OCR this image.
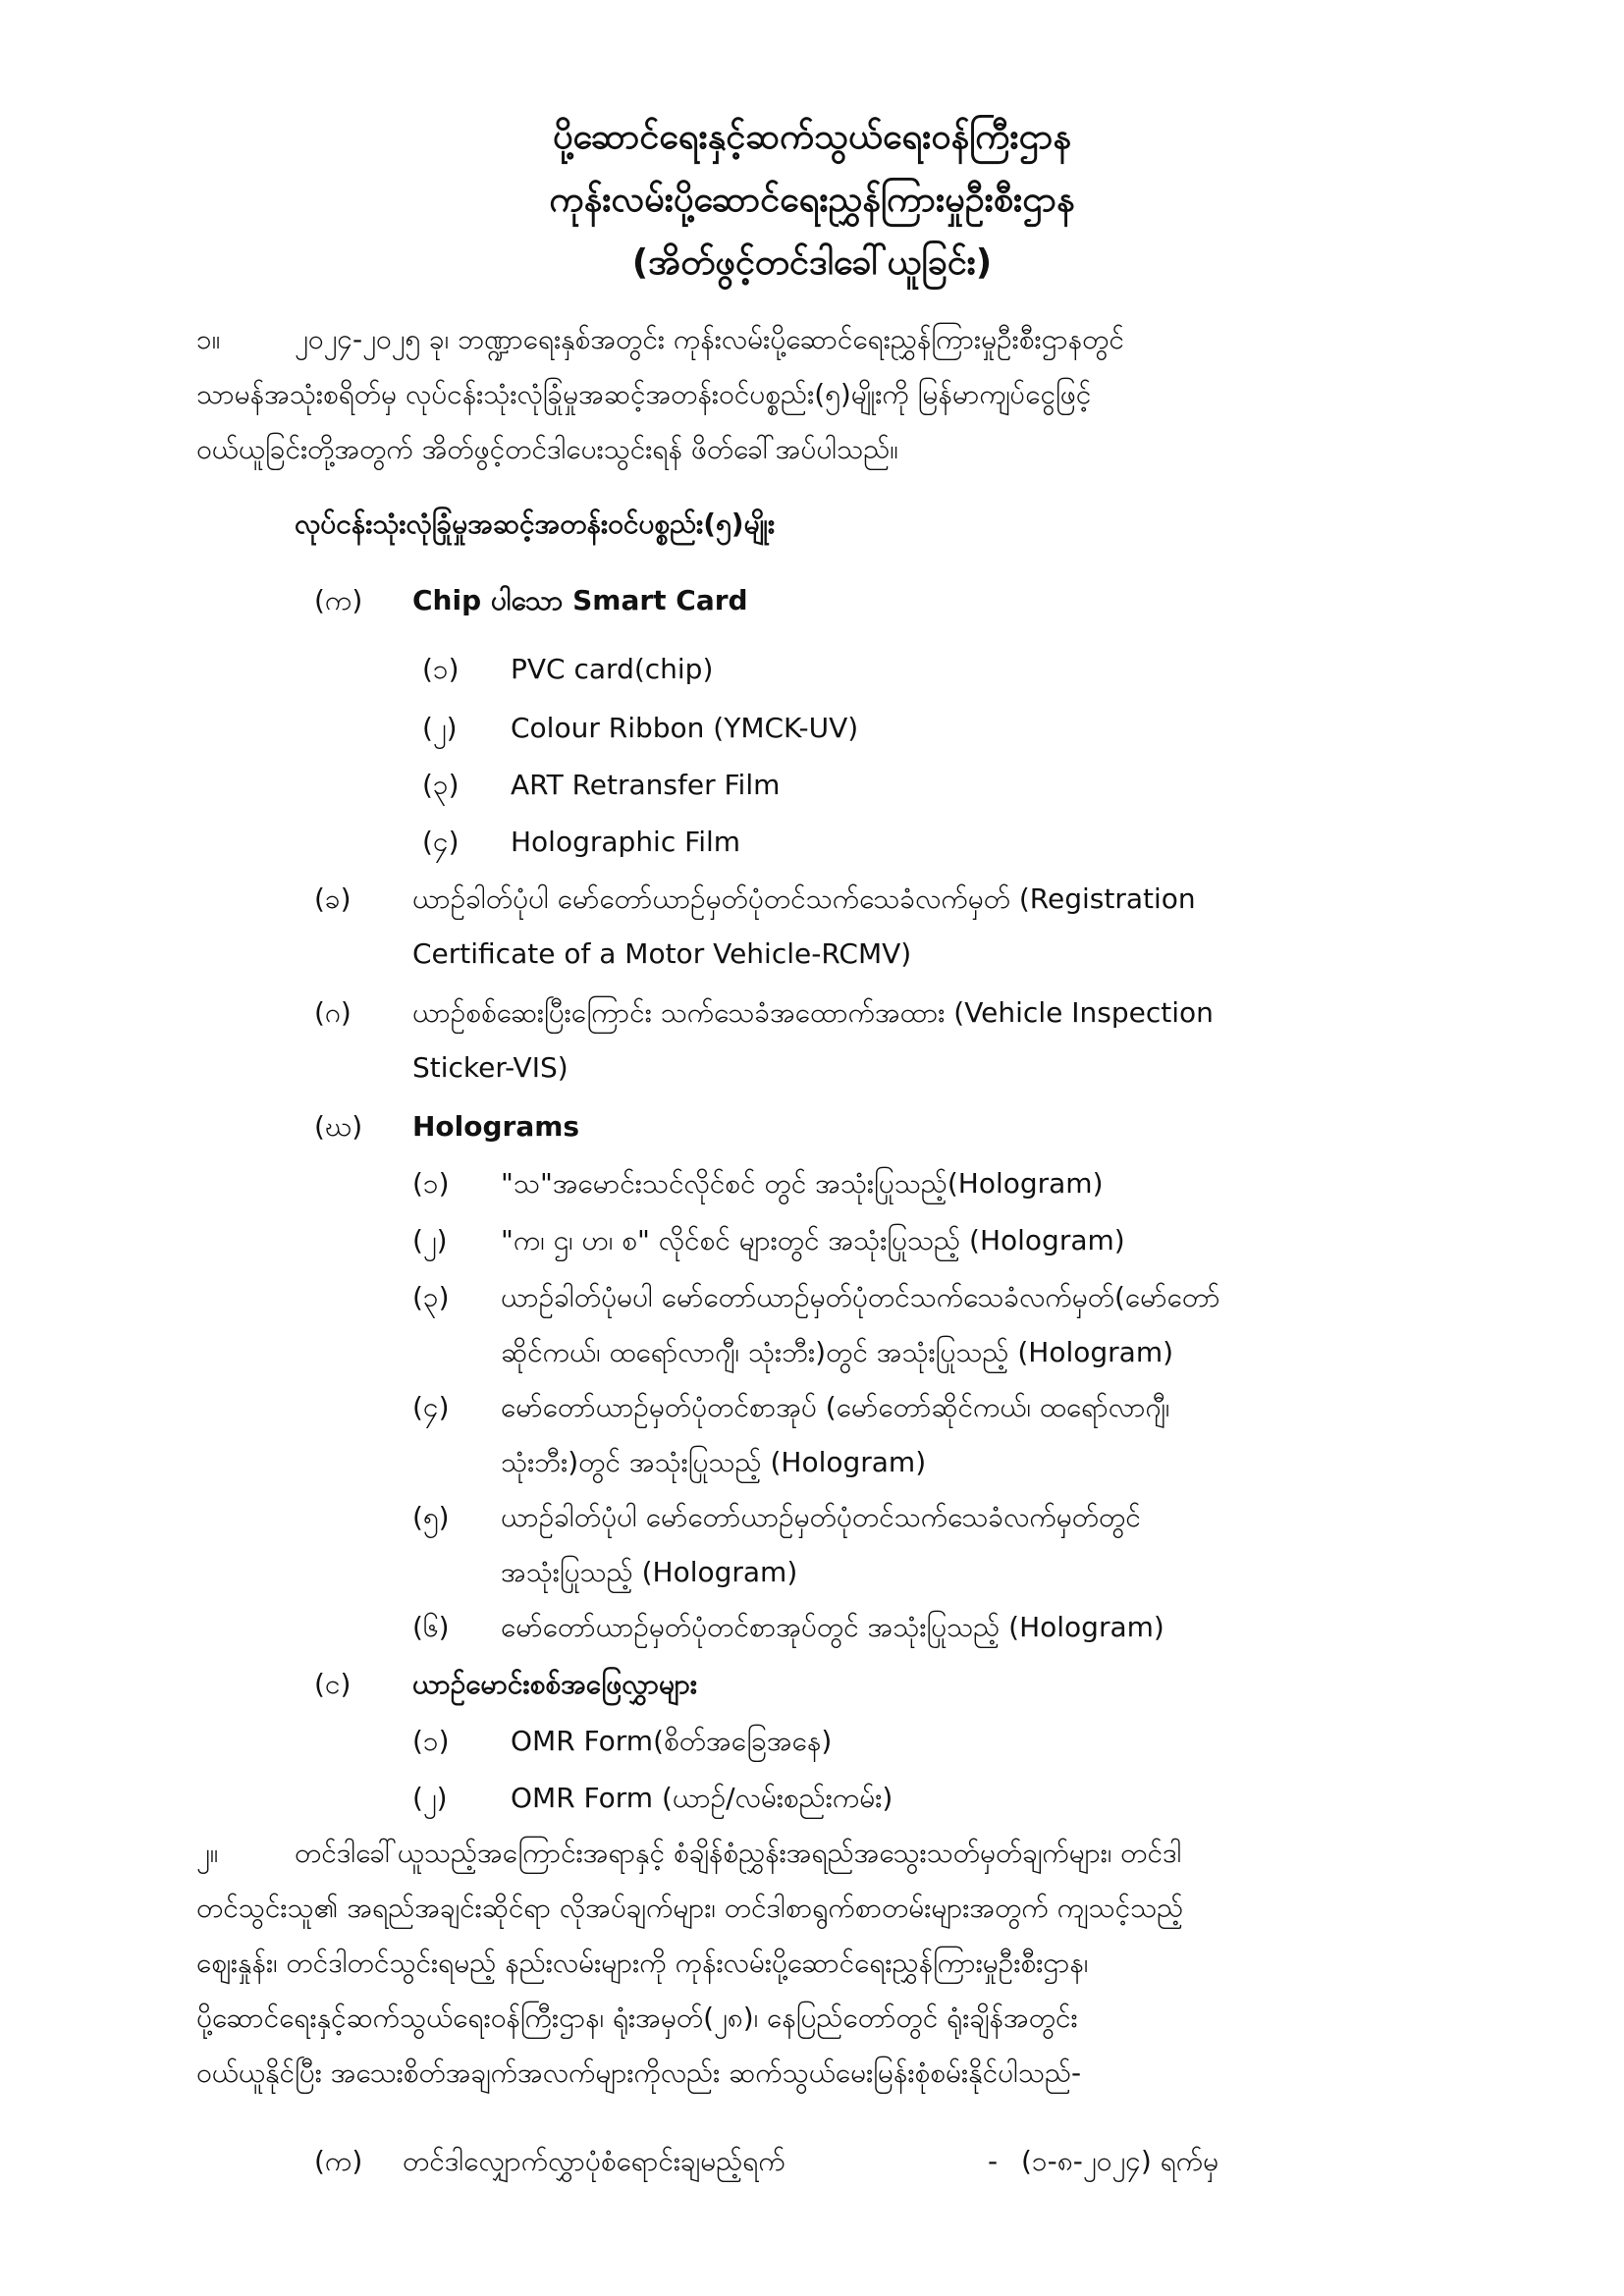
ပို့ဆောင်ရေးနှင့်ဆက်သွယ်ရေးဝန်ကြီးဌာန
ကုန်းလမ်းပို့ဆောင်ရေးညွှန်ကြားမှုဦးစီးဌာန
(အိတ်ဖွင့်တင်ဒါခေါ်ယူခြင်း)
၁။	၂၀၂၄-၂၀၂၅ ခု၊ ဘဏ္ဍာရေးနှစ်အတွင်း ကုန်းလမ်းပို့ဆောင်ရေးညွှန်ကြားမှုဦးစီးဌာနတွင်
သာမန်အသုံးစရိတ်မှ လုပ်ငန်းသုံးလုံခြုံမှုအဆင့်အတန်းဝင်ပစ္စည်း(၅)မျိုးကို မြန်မာကျပ်ငွေဖြင့်
ဝယ်ယူခြင်းတို့အတွက် အိတ်ဖွင့်တင်ဒါပေးသွင်းရန် ဖိတ်ခေါ်အပ်ပါသည်။
လုပ်ငန်းသုံးလုံခြုံမှုအဆင့်အတန်းဝင်ပစ္စည်း(၅)မျိုး
(က) Chip ပါသော Smart Card
(၁) PVC card(chip)
(၂) Colour Ribbon (YMCK-UV)
(၃) ART Retransfer Film
(၄) Holographic Film
(ခ) ယာဉ်ခါတ်ပုံပါ မော်တော်ယာဉ်မှတ်ပုံတင်သက်သေခံလက်မှတ် (Registration
Certificate of a Motor Vehicle-RCMV)
(ဂ) ယာဉ်စစ်ဆေးပြီးကြောင်း သက်သေခံအထောက်အထား (Vehicle Inspection
Sticker-VIS)
(ဃ) Holograms
(၁) "သ"အမောင်းသင်လိုင်စင် တွင် အသုံးပြုသည့်(Hologram)
(၂) "က၊ ဌ၊ ဟ၊ စ" လိုင်စင် များတွင် အသုံးပြုသည့် (Hologram)
(၃) ယာဉ်ခါတ်ပုံမပါ မော်တော်ယာဉ်မှတ်ပုံတင်သက်သေခံလက်မှတ်(မော်တော်
ဆိုင်ကယ်၊ ထရော်လာဂျီ၊ သုံးဘီး)တွင် အသုံးပြုသည့် (Hologram)
(၄) မော်တော်ယာဉ်မှတ်ပုံတင်စာအုပ် (မော်တော်ဆိုင်ကယ်၊ ထရော်လာဂျီ၊
သုံးဘီး)တွင် အသုံးပြုသည့် (Hologram)
(၅) ယာဉ်ခါတ်ပုံပါ မော်တော်ယာဉ်မှတ်ပုံတင်သက်သေခံလက်မှတ်တွင်
အသုံးပြုသည့် (Hologram)
(၆) မော်တော်ယာဉ်မှတ်ပုံတင်စာအုပ်တွင် အသုံးပြုသည့် (Hologram)
(င) ယာဉ်မောင်းစစ်အဖြေလွှာများ
(၁) OMR Form(စိတ်အခြေအနေ)
(၂) OMR Form (ယာဉ်/လမ်းစည်းကမ်း)
၂။	တင်ဒါခေါ်ယူသည့်အကြောင်းအရာနှင့် စံချိန်စံညွှန်းအရည်အသွေးသတ်မှတ်ချက်များ၊ တင်ဒါ
တင်သွင်းသူ၏ အရည်အချင်းဆိုင်ရာ လိုအပ်ချက်များ၊ တင်ဒါစာရွက်စာတမ်းများအတွက် ကျသင့်သည့်
ဈေးနှုန်း၊ တင်ဒါတင်သွင်းရမည့် နည်းလမ်းများကို ကုန်းလမ်းပို့ဆောင်ရေးညွှန်ကြားမှုဦးစီးဌာန၊
ပို့ဆောင်ရေးနှင့်ဆက်သွယ်ရေးဝန်ကြီးဌာန၊ ရုံးအမှတ်(၂၈)၊ နေပြည်တော်တွင် ရုံးချိန်အတွင်း
ဝယ်ယူနိုင်ပြီး အသေးစိတ်အချက်အလက်များကိုလည်း ဆက်သွယ်မေးမြန်းစုံစမ်းနိုင်ပါသည်-
(က) တင်ဒါလျှောက်လွှာပုံစံရောင်းချမည့်ရက်	- (၁-၈-၂၀၂၄) ရက်မှ
